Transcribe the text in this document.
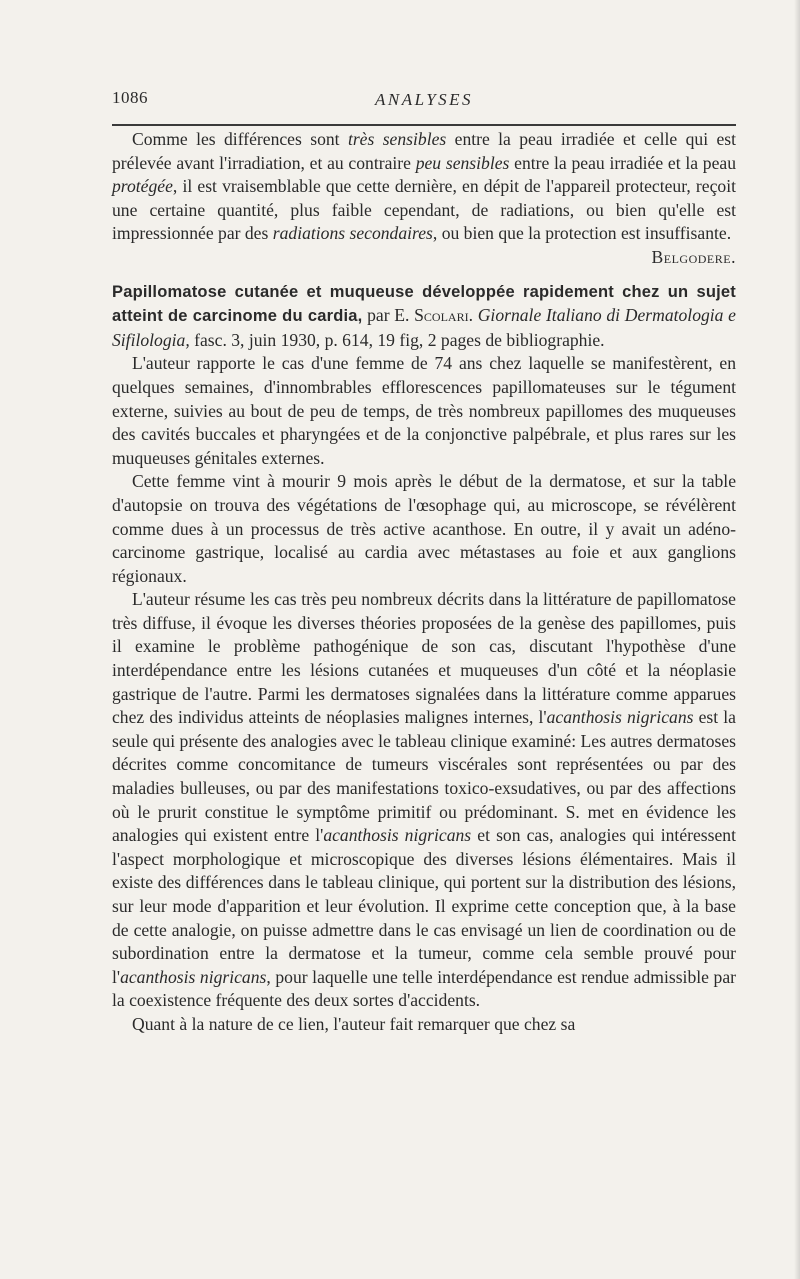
1086	ANALYSES

Comme les différences sont très sensibles entre la peau irradiée et celle qui est prélevée avant l'irradiation, et au contraire peu sensibles entre la peau irradiée et la peau protégée, il est vraisemblable que cette dernière, en dépit de l'appareil protecteur, reçoit une certaine quantité, plus faible cependant, de radiations, ou bien qu'elle est impressionnée par des radiations secondaires, ou bien que la protection est insuffisante.
Belgodere.

Papillomatose cutanée et muqueuse développée rapidement chez un sujet atteint de carcinome du cardia, par E. Scolari. Giornale Italiano di Dermatologia e Sifilologia, fasc. 3, juin 1930, p. 614, 19 fig, 2 pages de bibliographie.

L'auteur rapporte le cas d'une femme de 74 ans chez laquelle se manifestèrent, en quelques semaines, d'innombrables efflorescences papillomateuses sur le tégument externe, suivies au bout de peu de temps, de très nombreux papillomes des muqueuses des cavités buccales et pharyngées et de la conjonctive palpébrale, et plus rares sur les muqueuses génitales externes.

Cette femme vint à mourir 9 mois après le début de la dermatose, et sur la table d'autopsie on trouva des végétations de l'œsophage qui, au microscope, se révélèrent comme dues à un processus de très active acanthose. En outre, il y avait un adéno-carcinome gastrique, localisé au cardia avec métastases au foie et aux ganglions régionaux.

L'auteur résume les cas très peu nombreux décrits dans la littérature de papillomatose très diffuse, il évoque les diverses théories proposées de la genèse des papillomes, puis il examine le problème pathogénique de son cas, discutant l'hypothèse d'une interdépendance entre les lésions cutanées et muqueuses d'un côté et la néoplasie gastrique de l'autre. Parmi les dermatoses signalées dans la littérature comme apparues chez des individus atteints de néoplasies malignes internes, l'acanthosis nigricans est la seule qui présente des analogies avec le tableau clinique examiné: Les autres dermatoses décrites comme concomitance de tumeurs viscérales sont représentées ou par des maladies bulleuses, ou par des manifestations toxico-exsudatives, ou par des affections où le prurit constitue le symptôme primitif ou prédominant. S. met en évidence les analogies qui existent entre l'acanthosis nigricans et son cas, analogies qui intéressent l'aspect morphologique et microscopique des diverses lésions élémentaires. Mais il existe des différences dans le tableau clinique, qui portent sur la distribution des lésions, sur leur mode d'apparition et leur évolution. Il exprime cette conception que, à la base de cette analogie, on puisse admettre dans le cas envisagé un lien de coordination ou de subordination entre la dermatose et la tumeur, comme cela semble prouvé pour l'acanthosis nigricans, pour laquelle une telle interdépendance est rendue admissible par la coexistence fréquente des deux sortes d'accidents.

Quant à la nature de ce lien, l'auteur fait remarquer que chez sa
